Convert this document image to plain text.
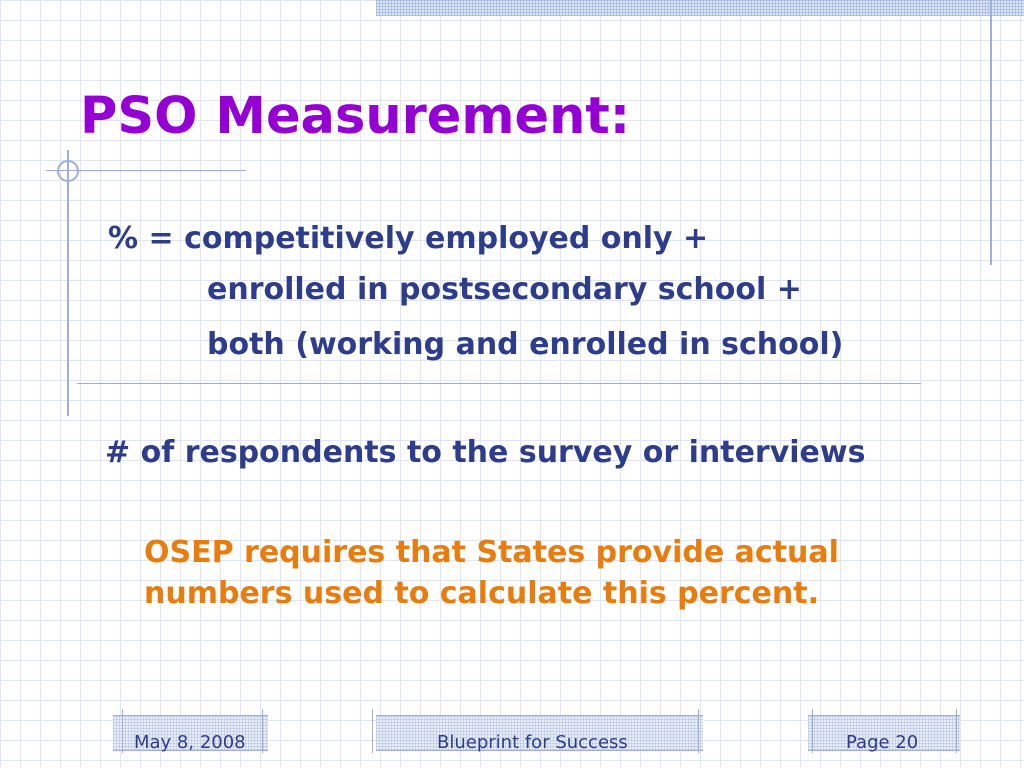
PSO Measurement:
% = competitively employed only +
enrolled in postsecondary school +
both (working and enrolled in school)
# of respondents to the survey or interviews
OSEP requires that States provide actual numbers used to calculate this percent.
May 8, 2008	Blueprint for Success	Page 20
